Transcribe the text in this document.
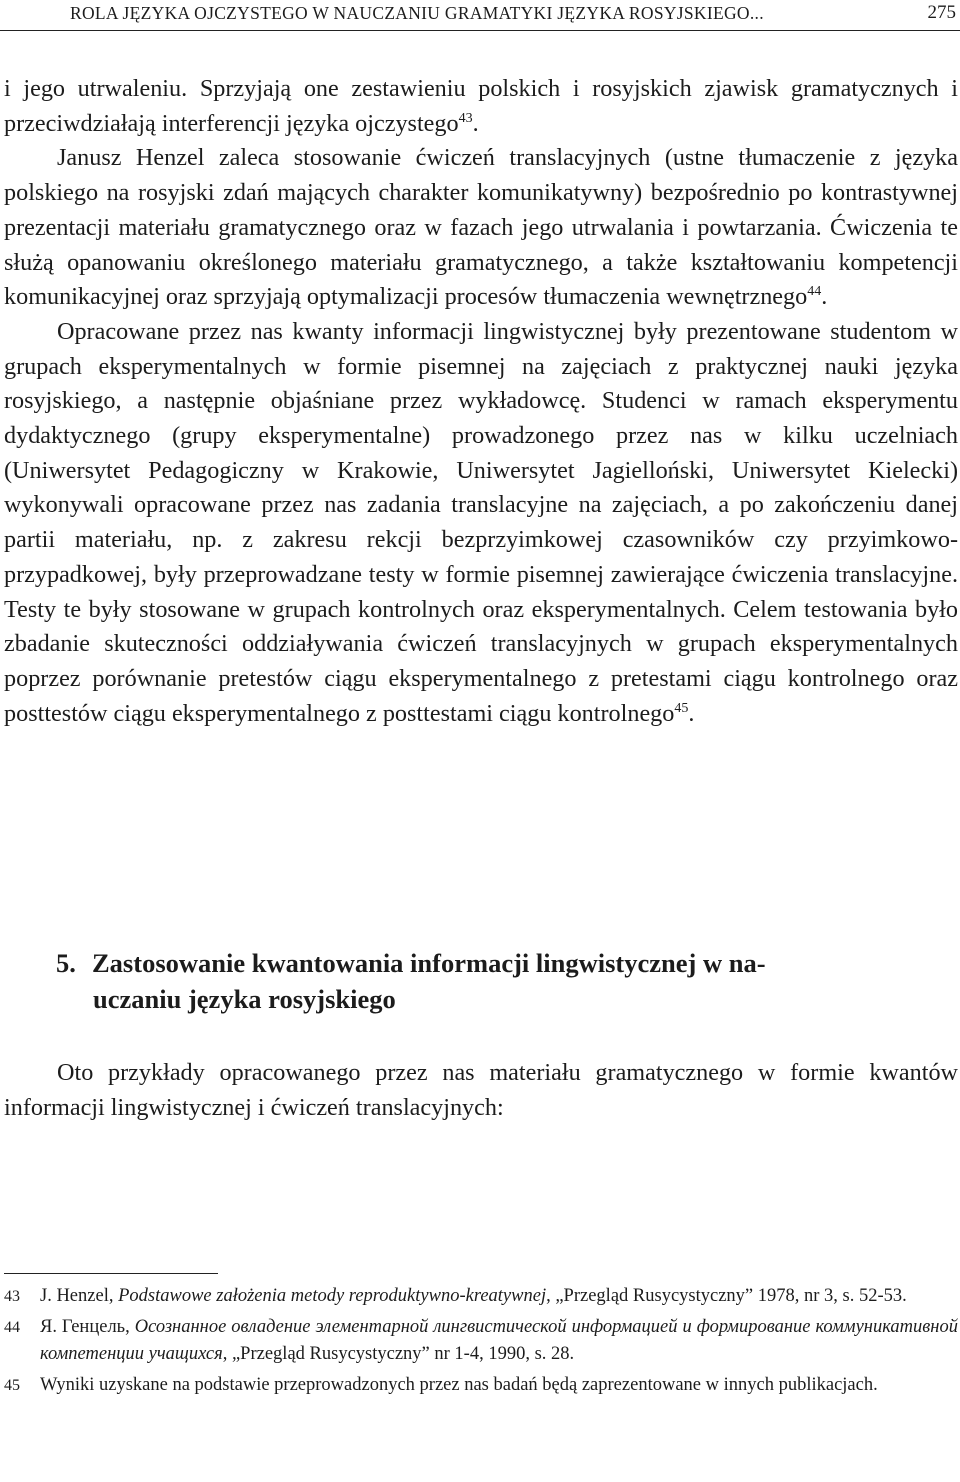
ROLA JĘZYKA OJCZYSTEGO W NAUCZANIU GRAMATYKI JĘZYKA ROSYJSKIEGO...	275

i jego utrwaleniu. Sprzyjają one zestawieniu polskich i rosyjskich zjawisk gramatycznych i przeciwdziałają interferencji języka ojczystego$^{43}$.

Janusz Henzel zaleca stosowanie ćwiczeń translacyjnych (ustne tłumaczenie z języka polskiego na rosyjski zdań mających charakter komunikatywny) bezpośrednio po kontrastywnej prezentacji materiału gramatycznego oraz w fazach jego utrwalania i powtarzania. Ćwiczenia te służą opanowaniu określonego materiału gramatycznego, a także kształtowaniu kompetencji komunikacyjnej oraz sprzyjają optymalizacji procesów tłumaczenia wewnętrznego$^{44}$.

Opracowane przez nas kwanty informacji lingwistycznej były prezentowane studentom w grupach eksperymentalnych w formie pisemnej na zajęciach z praktycznej nauki języka rosyjskiego, a następnie objaśniane przez wykładowcę. Studenci w ramach eksperymentu dydaktycznego (grupy eksperymentalne) prowadzonego przez nas w kilku uczelniach (Uniwersytet Pedagogiczny w Krakowie, Uniwersytet Jagielloński, Uniwersytet Kielecki) wykonywali opracowane przez nas zadania translacyjne na zajęciach, a po zakończeniu danej partii materiału, np. z zakresu rekcji bezprzyimkowej czasowników czy przyimkowo-przypadkowej, były przeprowadzane testy w formie pisemnej zawierające ćwiczenia translacyjne. Testy te były stosowane w grupach kontrolnych oraz eksperymentalnych. Celem testowania było zbadanie skuteczności oddziaływania ćwiczeń translacyjnych w grupach eksperymentalnych poprzez porównanie pretestów ciągu eksperymentalnego z pretestami ciągu kontrolnego oraz posttestów ciągu eksperymentalnego z posttestami ciągu kontrolnego$^{45}$.

5. Zastosowanie kwantowania informacji lingwistycznej w na-
uczaniu języka rosyjskiego

Oto przykłady opracowanego przez nas materiału gramatycznego w formie kwantów informacji lingwistycznej i ćwiczeń translacyjnych:

43 J. Henzel, Podstawowe założenia metody reproduktywno-kreatywnej, „Przegląd Rusycystyczny” 1978, nr 3, s. 52-53.
44 Я. Генцель, Осознанное овладение элементарной лингвистической информацией и формирование коммуникативной компетенции учащихся, „Przegląd Rusycystyczny” nr 1-4, 1990, s. 28.
45 Wyniki uzyskane na podstawie przeprowadzonych przez nas badań będą zaprezentowane w innych publikacjach.
